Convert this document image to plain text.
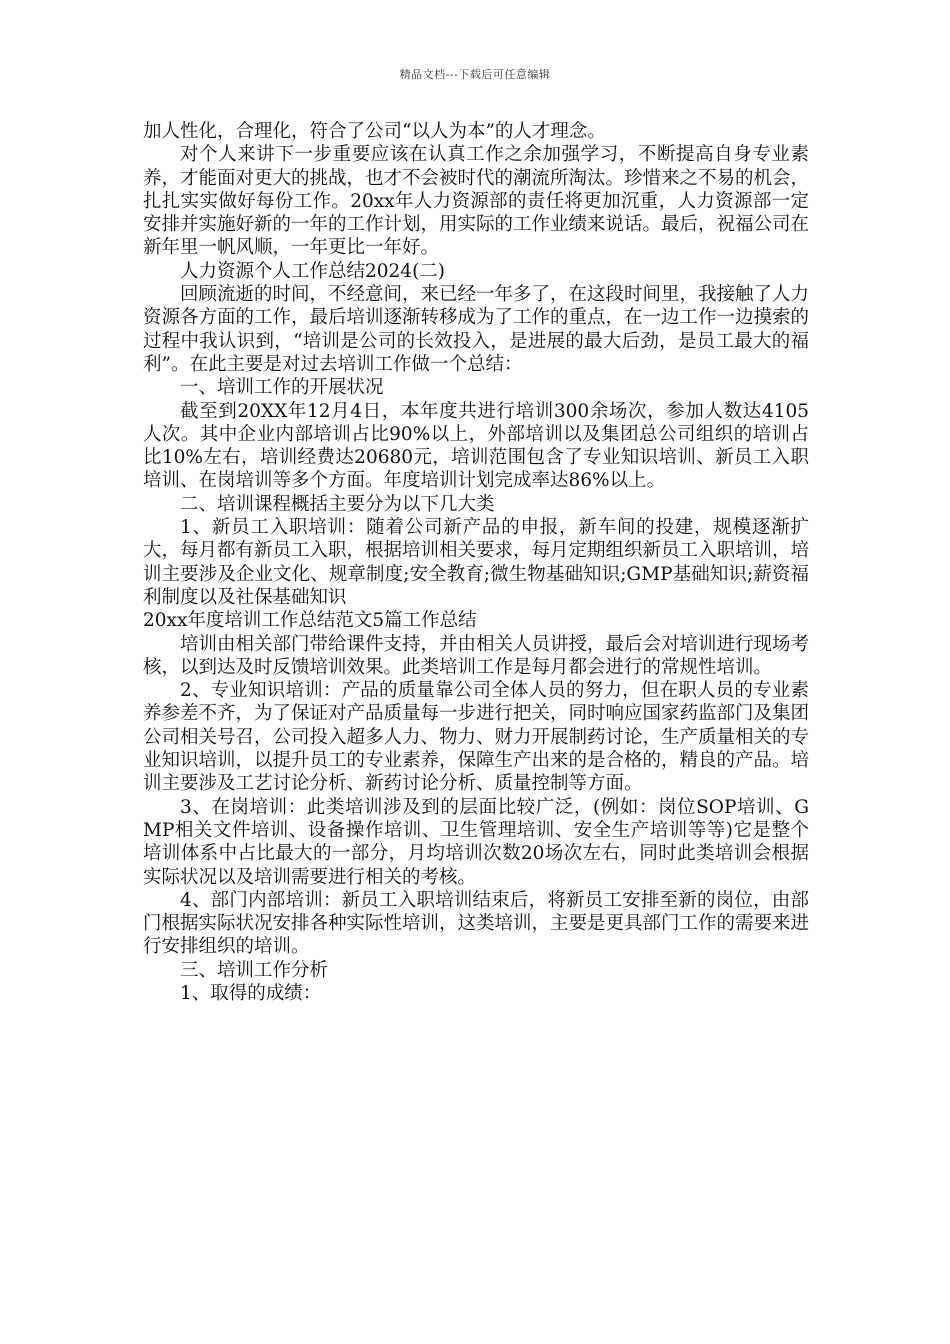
精品文档---下载后可任意编辑

加人性化，合理化，符合了公司“以人为本”的人才理念。

对个人来讲下一步重要应该在认真工作之余加强学习，不断提高自身专业素养，才能面对更大的挑战，也才不会被时代的潮流所淘汰。珍惜来之不易的机会，扎扎实实做好每份工作。20xx年人力资源部的责任将更加沉重，人力资源部一定安排并实施好新的一年的工作计划，用实际的工作业绩来说话。最后，祝福公司在新年里一帆风顺，一年更比一年好。

人力资源个人工作总结2024(二)

回顾流逝的时间，不经意间，来已经一年多了，在这段时间里，我接触了人力资源各方面的工作，最后培训逐渐转移成为了工作的重点，在一边工作一边摸索的过程中我认识到，“培训是公司的长效投入，是进展的最大后劲，是员工最大的福利”。在此主要是对过去培训工作做一个总结：

一、培训工作的开展状况

截至到20XX年12月4日，本年度共进行培训300余场次，参加人数达4105人次。其中企业内部培训占比90%以上，外部培训以及集团总公司组织的培训占比10%左右，培训经费达20680元，培训范围包含了专业知识培训、新员工入职培训、在岗培训等多个方面。年度培训计划完成率达86%以上。

二、培训课程概括主要分为以下几大类

1、新员工入职培训：随着公司新产品的申报，新车间的投建，规模逐渐扩大，每月都有新员工入职，根据培训相关要求，每月定期组织新员工入职培训，培训主要涉及企业文化、规章制度;安全教育;微生物基础知识;GMP基础知识;薪资福利制度以及社保基础知识

20xx年度培训工作总结范文5篇工作总结

培训由相关部门带给课件支持，并由相关人员讲授，最后会对培训进行现场考核，以到达及时反馈培训效果。此类培训工作是每月都会进行的常规性培训。

2、专业知识培训：产品的质量靠公司全体人员的努力，但在职人员的专业素养参差不齐，为了保证对产品质量每一步进行把关，同时响应国家药监部门及集团公司相关号召，公司投入超多人力、物力、财力开展制药讨论，生产质量相关的专业知识培训，以提升员工的专业素养，保障生产出来的是合格的，精良的产品。培训主要涉及工艺讨论分析、新药讨论分析、质量控制等方面。

3、在岗培训：此类培训涉及到的层面比较广泛，(例如：岗位SOP培训、GMP相关文件培训、设备操作培训、卫生管理培训、安全生产培训等等)它是整个培训体系中占比最大的一部分，月均培训次数20场次左右，同时此类培训会根据实际状况以及培训需要进行相关的考核。

4、部门内部培训：新员工入职培训结束后，将新员工安排至新的岗位，由部门根据实际状况安排各种实际性培训，这类培训，主要是更具部门工作的需要来进行安排组织的培训。

三、培训工作分析

1、取得的成绩：
